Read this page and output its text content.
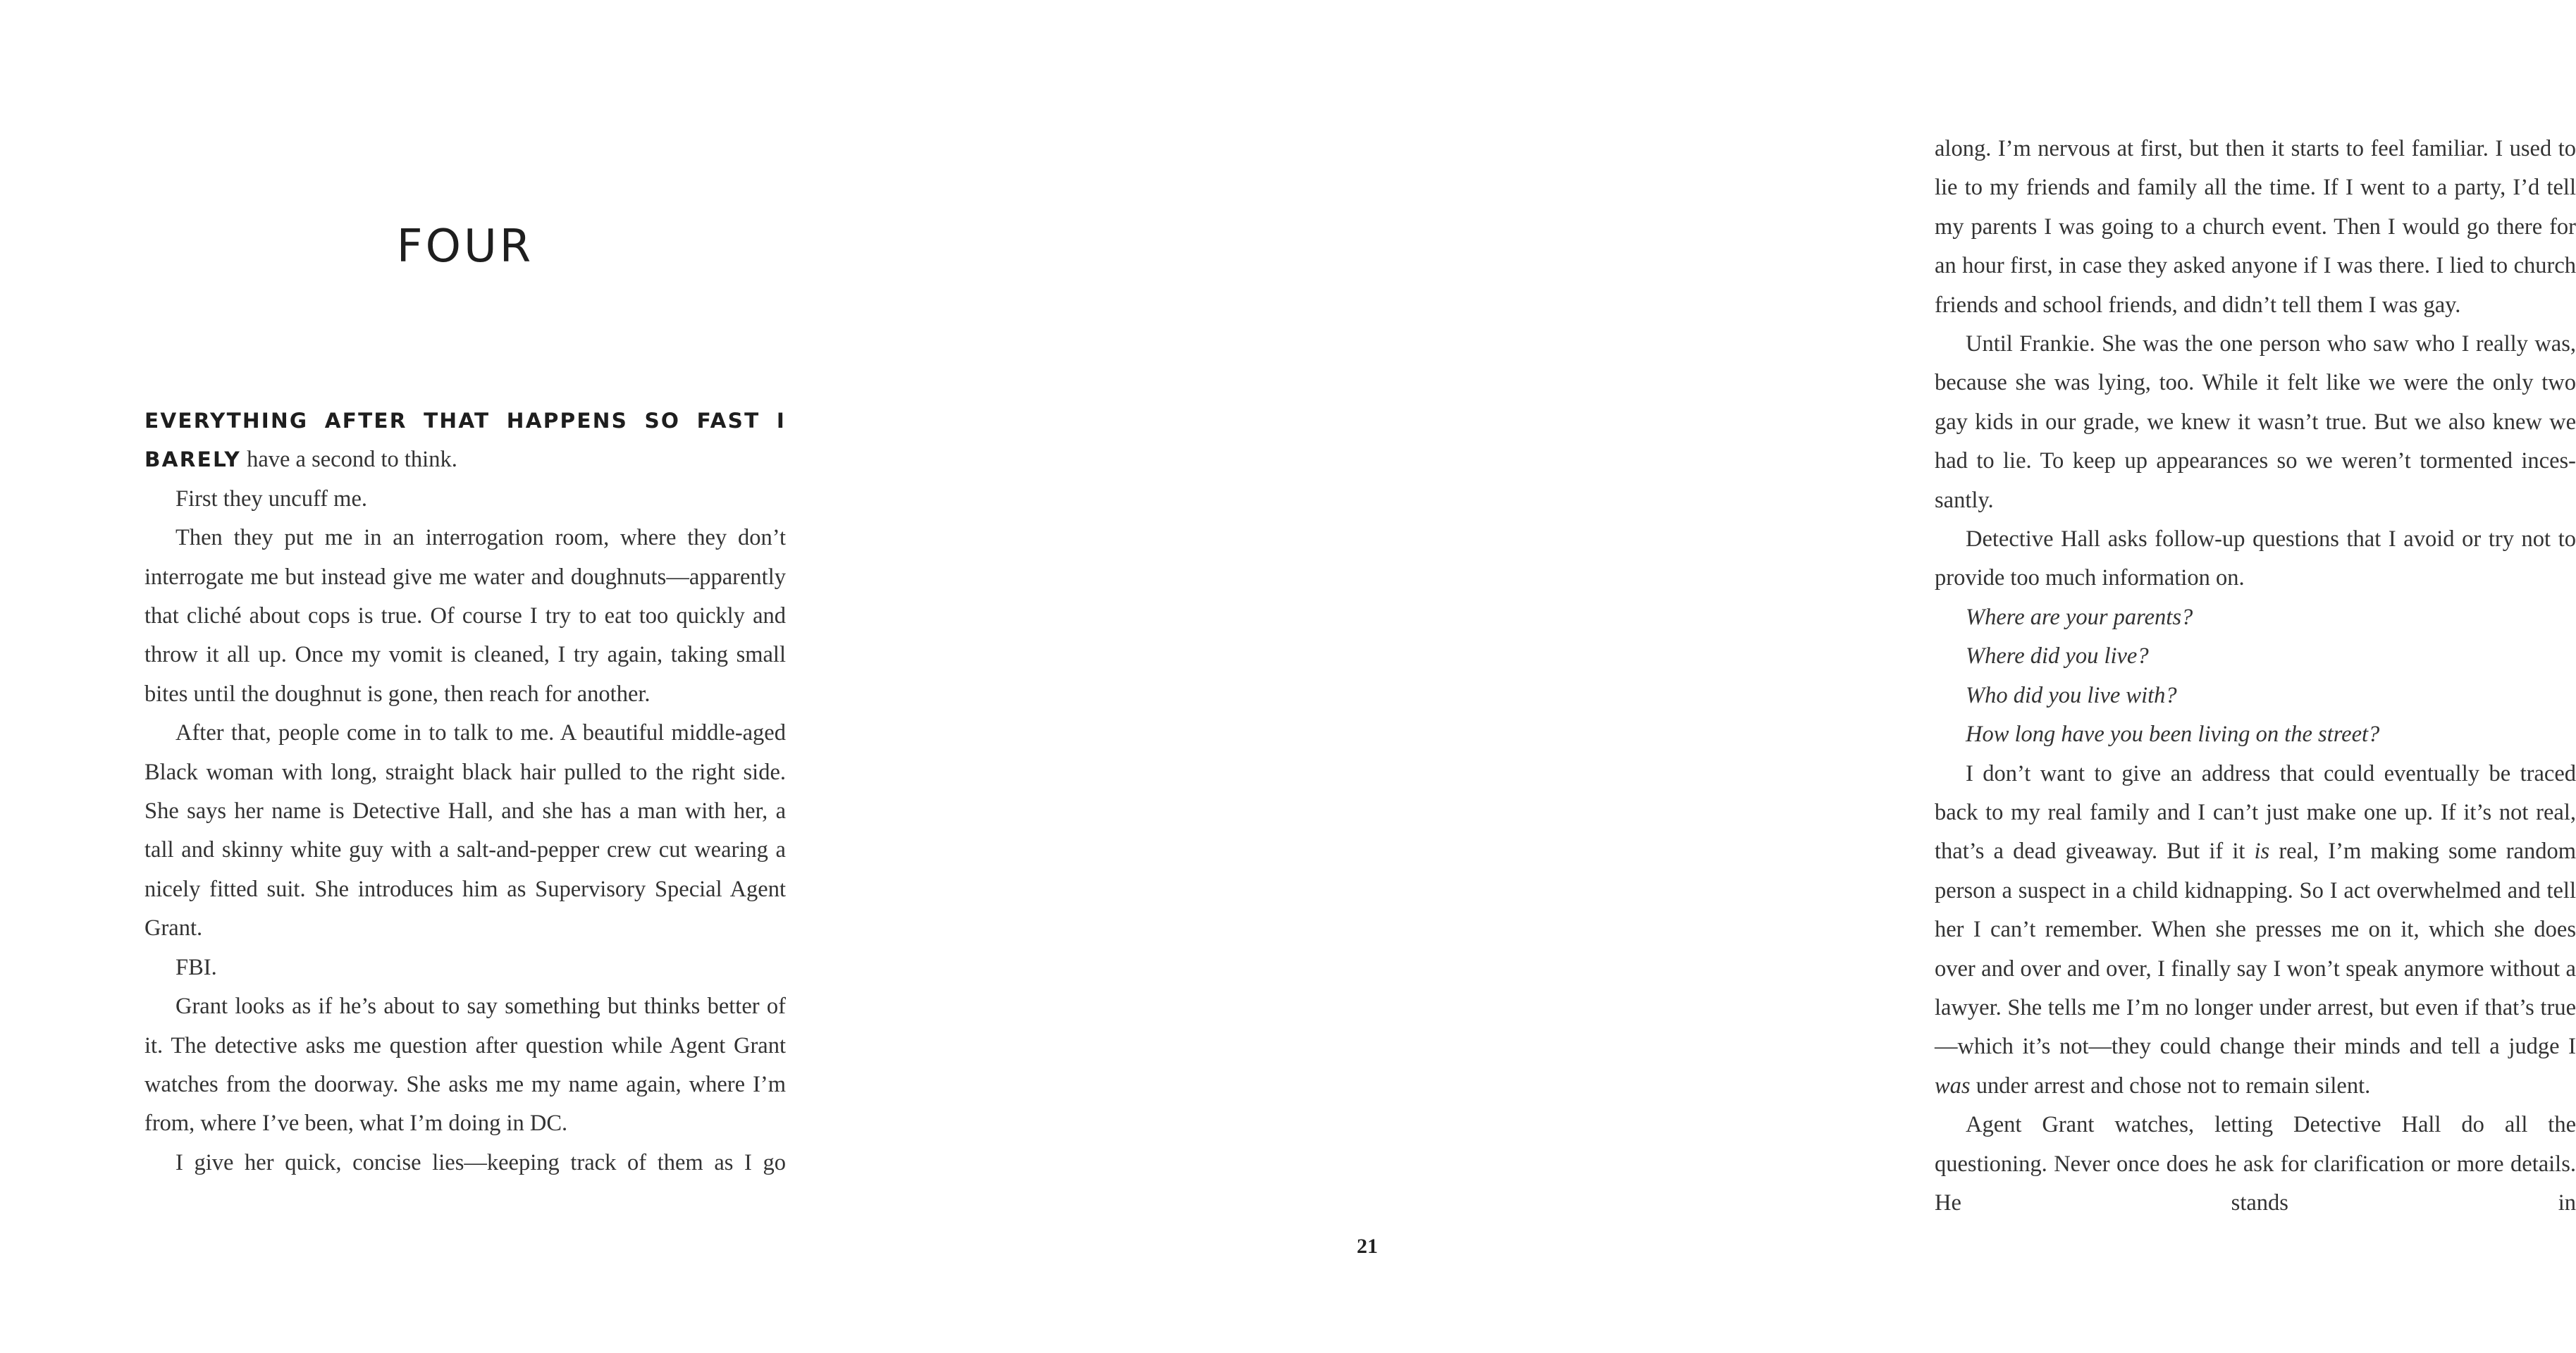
FOUR

EVERYTHING AFTER THAT HAPPENS SO FAST I BARELY have a second to think.

First they uncuff me.

Then they put me in an interrogation room, where they don’t interrogate me but instead give me water and doughnuts—apparently that cliché about cops is true. Of course I try to eat too quickly and throw it all up. Once my vomit is cleaned, I try again, taking small bites until the doughnut is gone, then reach for another.

After that, people come in to talk to me. A beautiful middle-aged Black woman with long, straight black hair pulled to the right side. She says her name is Detective Hall, and she has a man with her, a tall and skinny white guy with a salt-and-pepper crew cut wearing a nicely fitted suit. She introduces him as Supervisory Special Agent Grant.

FBI.

Grant looks as if he’s about to say something but thinks better of it. The detective asks me question after question while Agent Grant watches from the doorway. She asks me my name again, where I’m from, where I’ve been, what I’m doing in DC.

I give her quick, concise lies—keeping track of them as I go

along. I’m nervous at first, but then it starts to feel familiar. I used to lie to my friends and family all the time. If I went to a party, I’d tell my parents I was going to a church event. Then I would go there for an hour first, in case they asked anyone if I was there. I lied to church friends and school friends, and didn’t tell them I was gay.

Until Frankie. She was the one person who saw who I really was, because she was lying, too. While it felt like we were the only two gay kids in our grade, we knew it wasn’t true. But we also knew we had to lie. To keep up appearances so we weren’t tormented incessantly.

Detective Hall asks follow-up questions that I avoid or try not to provide too much information on.

Where are your parents?

Where did you live?

Who did you live with?

How long have you been living on the street?

I don’t want to give an address that could eventually be traced back to my real family and I can’t just make one up. If it’s not real, that’s a dead giveaway. But if it is real, I’m making some random person a suspect in a child kidnapping. So I act overwhelmed and tell her I can’t remember. When she presses me on it, which she does over and over and over, I finally say I won’t speak anymore without a lawyer. She tells me I’m no longer under arrest, but even if that’s true—which it’s not—they could change their minds and tell a judge I was under arrest and chose not to remain silent.

Agent Grant watches, letting Detective Hall do all the questioning. Never once does he ask for clarification or more details. He stands in

21
